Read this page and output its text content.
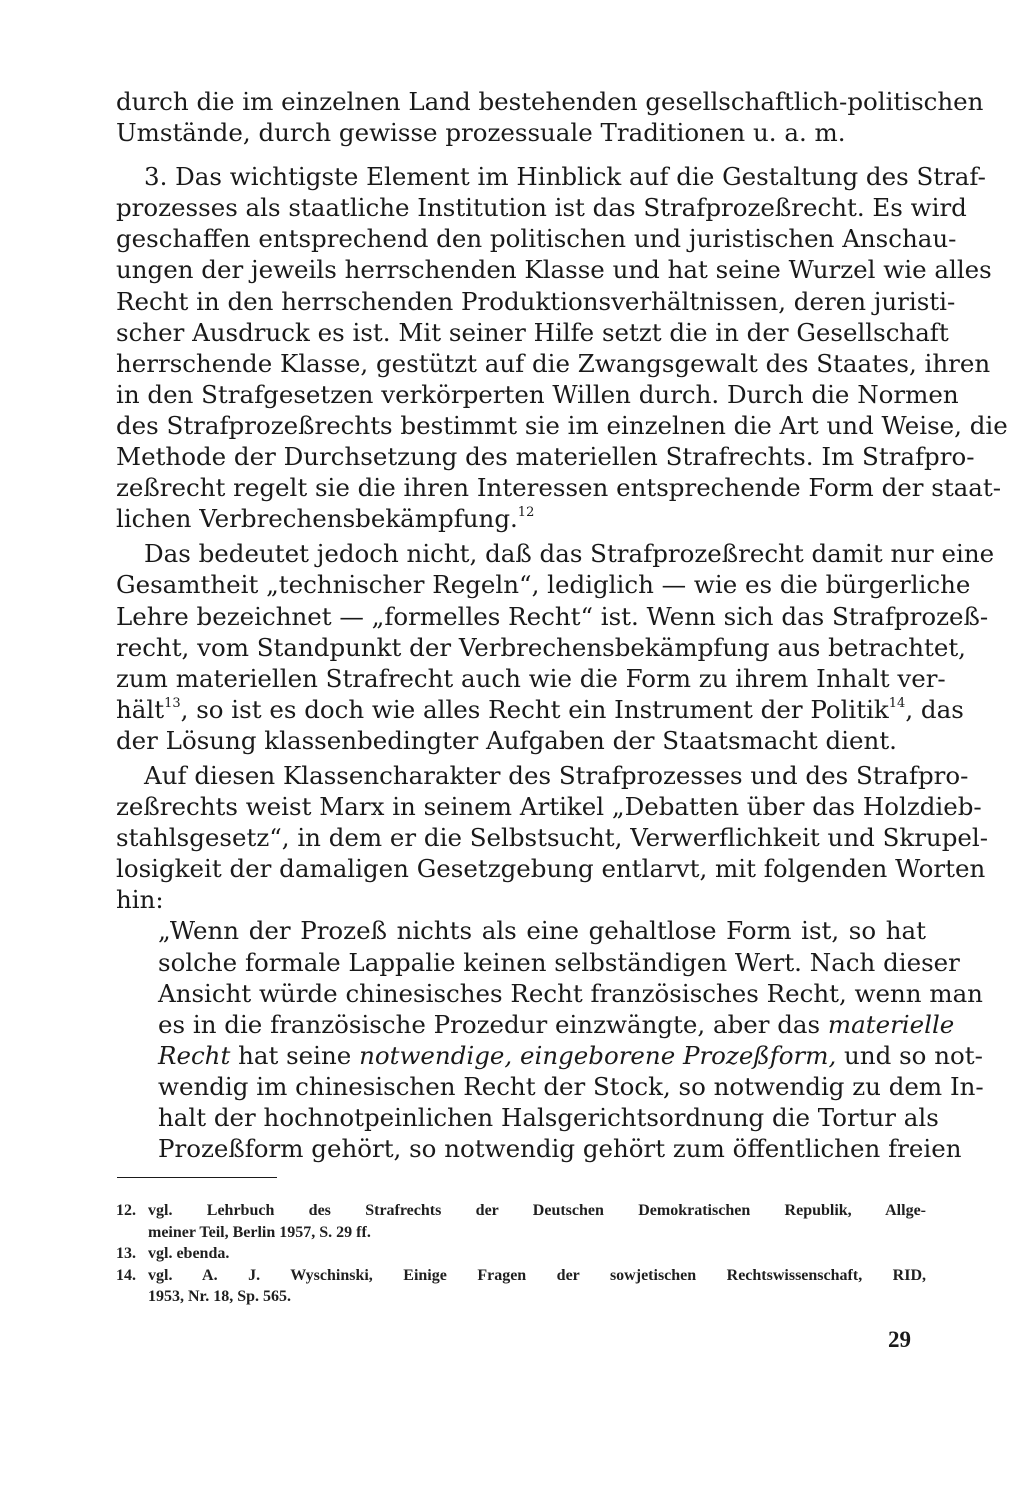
durch die im einzelnen Land bestehenden gesellschaftlich-politischen
Umstände, durch gewisse prozessuale Traditionen u. a. m.
3. Das wichtigste Element im Hinblick auf die Gestaltung des Straf-
prozesses als staatliche Institution ist das Strafprozeßrecht. Es wird
geschaffen entsprechend den politischen und juristischen Anschau-
ungen der jeweils herrschenden Klasse und hat seine Wurzel wie alles
Recht in den herrschenden Produktionsverhältnissen, deren juristi-
scher Ausdruck es ist. Mit seiner Hilfe setzt die in der Gesellschaft
herrschende Klasse, gestützt auf die Zwangsgewalt des Staates, ihren
in den Strafgesetzen verkörperten Willen durch. Durch die Normen
des Strafprozeßrechts bestimmt sie im einzelnen die Art und Weise, die
Methode der Durchsetzung des materiellen Strafrechts. Im Strafpro-
zeßrecht regelt sie die ihren Interessen entsprechende Form der staat-
lichen Verbrechensbekämpfung.$^{12}$
Das bedeutet jedoch nicht, daß das Strafprozeßrecht damit nur eine
Gesamtheit „technischer Regeln“, lediglich — wie es die bürgerliche
Lehre bezeichnet — „formelles Recht“ ist. Wenn sich das Strafprozeß-
recht, vom Standpunkt der Verbrechensbekämpfung aus betrachtet,
zum materiellen Strafrecht auch wie die Form zu ihrem Inhalt ver-
hält$^{13}$, so ist es doch wie alles Recht ein Instrument der Politik$^{14}$, das
der Lösung klassenbedingter Aufgaben der Staatsmacht dient.
Auf diesen Klassencharakter des Strafprozesses und des Strafpro-
zeßrechts weist Marx in seinem Artikel „Debatten über das Holzdieb-
stahlsgesetz“, in dem er die Selbstsucht, Verwerflichkeit und Skrupel-
losigkeit der damaligen Gesetzgebung entlarvt, mit folgenden Worten
hin:
„Wenn der Prozeß nichts als eine gehaltlose Form ist, so hat
solche formale Lappalie keinen selbständigen Wert. Nach dieser
Ansicht würde chinesisches Recht französisches Recht, wenn man
es in die französische Prozedur einzwängte, aber das materielle
Recht hat seine notwendige, eingeborene Prozeßform, und so not-
wendig im chinesischen Recht der Stock, so notwendig zu dem In-
halt der hochnotpeinlichen Halsgerichtsordnung die Tortur als
Prozeßform gehört, so notwendig gehört zum öffentlichen freien
12. vgl. Lehrbuch des Strafrechts der Deutschen Demokratischen Republik, Allge-
meiner Teil, Berlin 1957, S. 29 ff.
13. vgl. ebenda.
14. vgl. A. J. Wyschinski, Einige Fragen der sowjetischen Rechtswissenschaft, RID,
1953, Nr. 18, Sp. 565.
29
